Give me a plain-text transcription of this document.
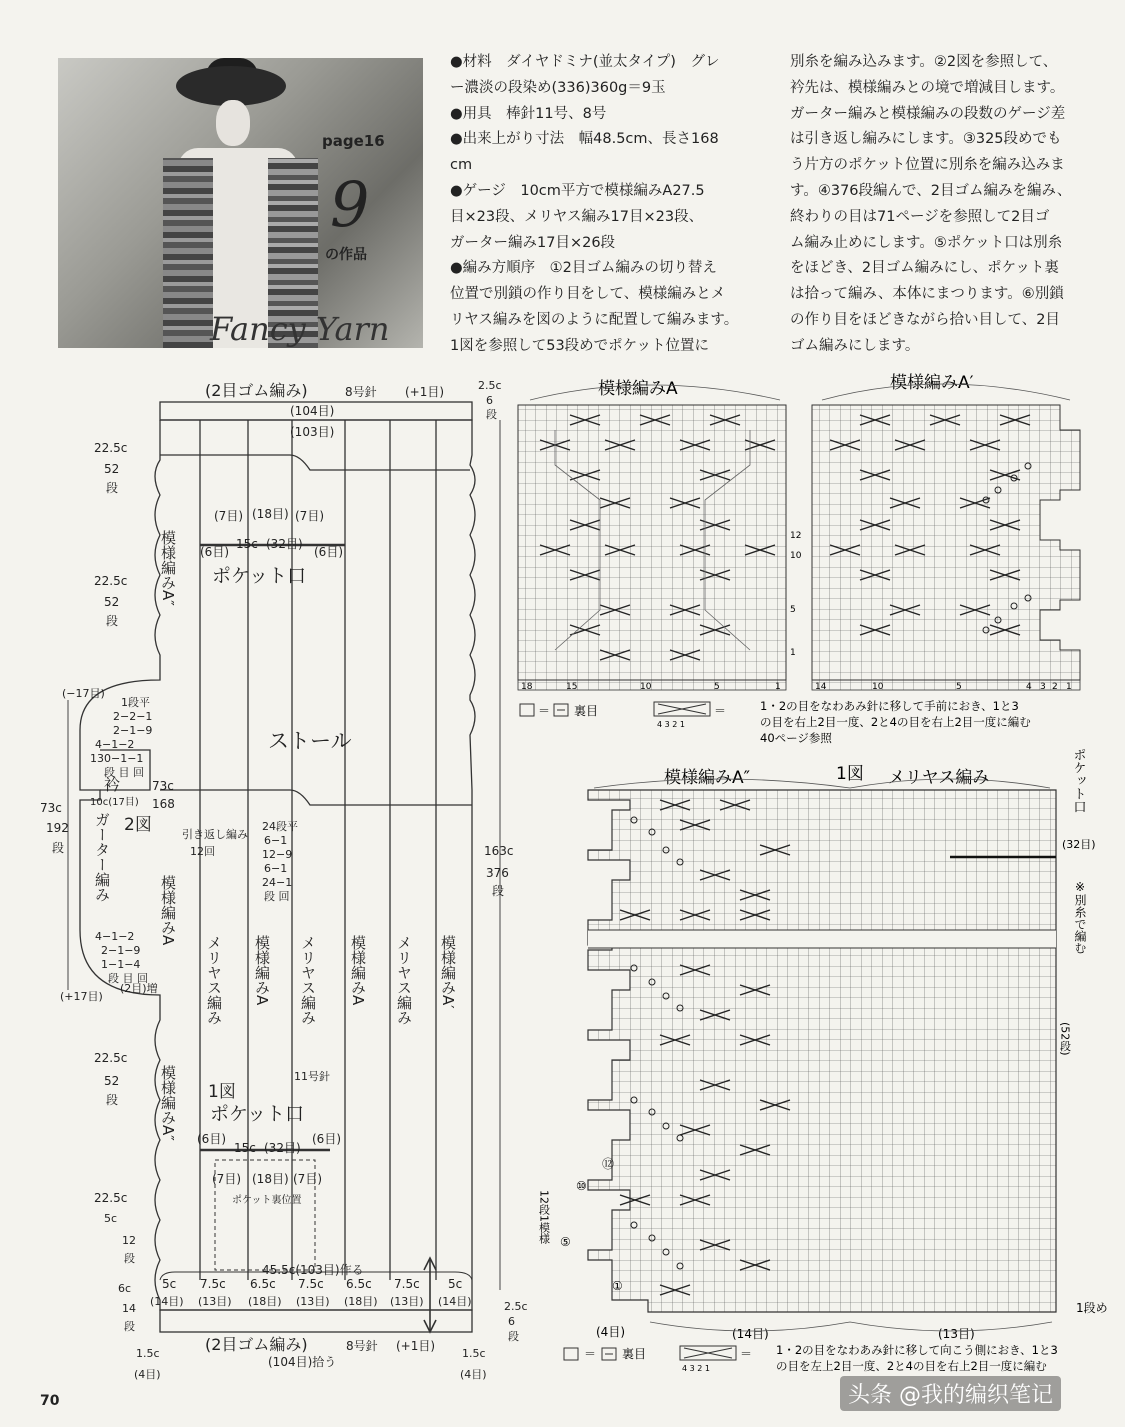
page16
9
の作品
Fancy Yarn
●材料　ダイヤドミナ(並太タイプ)　グレ
ー濃淡の段染め(336)360g＝9玉
●用具　棒針11号、8号
●出来上がり寸法　幅48.5cm、長さ168
cm
●ゲージ　10cm平方で模様編みA27.5
目×23段、メリヤス編み17目×23段、
ガーター編み17目×26段
●編み方順序　①2目ゴム編みの切り替え
位置で別鎖の作り目をして、模様編みとメ
リヤス編みを図のように配置して編みます。
1図を参照して53段めでポケット位置に
別糸を編み込みます。②2図を参照して、
衿先は、模様編みとの境で増減目します。
ガーター編みと模様編みの段数のゲージ差
は引き返し編みにします。③325段めでも
う片方のポケット位置に別糸を編み込みま
す。④376段編んで、2目ゴム編みを編み、
終わりの目は71ページを参照して2目ゴ
ム編み止めにします。⑤ポケット口は別糸
をほどき、2目ゴム編みにし、ポケット裏
は拾って編み、本体にまつります。⑥別鎖
の作り目をほどきながら拾い目して、2目
ゴム編みにします。
(2目ゴム編み)	8号針 (+1目)
(104目)
(103目)
2.5c
6
段
22.5c
52
段
(7目) (18目) (7目)
15c (32目)
(6目)	(6目)
ポケット口
22.5c
52
段
模様編みA″
(−17目)
1段平
2−2−1
2−1−9
4−1−2
130−1−1
段 目 回
衿	73c
168
ストール
10c(17目)
2図
ガーター編み
73c
192
段
引き返し編み
12回
24段平
6−1
12−9
6−1
24−1
段 回
4−1−2
2−1−9
1−1−4
段 目 回
(+17目)
(2目)増
163c
376
段
模様編みA
メリヤス編み 模様編みA メリヤス編み
11号針
模様編みA メリヤス編み 模様編みA′
22.5c
52
段	模様編みA″ 1図
ポケット口
(6目)	(6目)
15c (32目)
(7目) (18目) (7目)
ポケット裏位置
22.5c
5c
12
段
6c
14
段
45.5c(103目)作る
5c 7.5c 6.5c 7.5c 6.5c 7.5c 5c
(14目) (13目) (18目) (13目) (18目) (13目) (14目)	2.5c
6
段
(2目ゴム編み)	8号針 (+1目)
(104目)拾う
1.5c
(4目)
1.5c
(4目)
模様編みA
12
10
5
1
18	15	10	5	1
模様編みA′
14	10	5	4 3 2 1
＝ 裏目
4 3 2 1
＝	1・2の目をなわあみ針に移して手前におき、1と3
の目を右上2目一度、2と4の目を右上2目一度に編む
40ページ参照
模様編みA″	1図 メリヤス編み	ポケット口
(32目)
※別糸で編む
(52段)
⑫
⑩
⑤
①
12段1模様
1段め
(4目)	(14目)	(13目)
＝ 裏目
4 3 2 1
＝ 1・2の目をなわあみ針に移して向こう側におき、1と3
の目を左上2目一度、2と4の目を右上2目一度に編む
70	头条 @我的编织笔记
